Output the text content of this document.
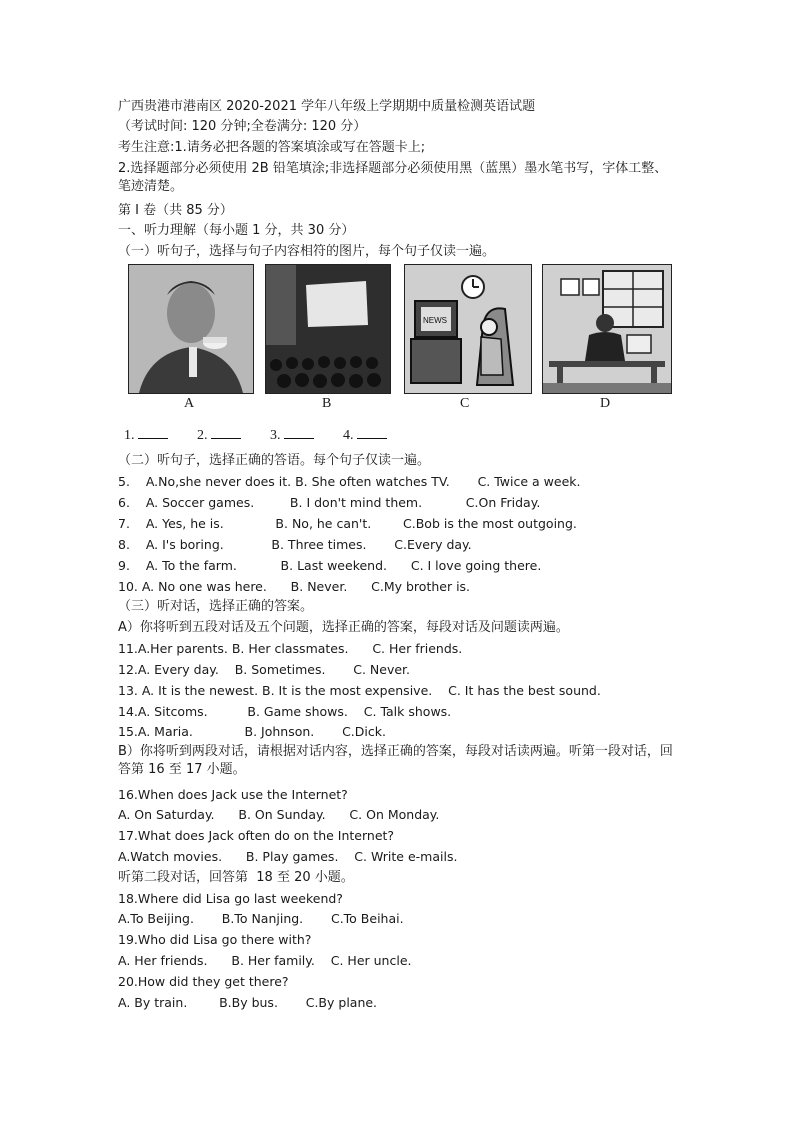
广西贵港市港南区 2020-2021 学年八年级上学期期中质量检测英语试题
（考试时间: 120 分钟;全卷满分: 120 分）
考生注意:1.请务必把各题的答案填涂或写在答题卡上;
2.选择题部分必须使用 2B 铅笔填涂;非选择题部分必须使用黑（蓝黑）墨水笔书写，字体工整、笔迹清楚。
第 I 卷（共 85 分）
一、听力理解（每小题 1 分，共 30 分）
（一）听句子，选择与句子内容相符的图片，每个句子仅读一遍。
A	B
NEWS
C	D
1.	2.	3.	4.
（二）听句子，选择正确的答语。每个句子仅读一遍。
5.    A.No,she never does it. B. She often watches TV.       C. Twice a week.
6.    A. Soccer games.         B. I don't mind them.           C.On Friday.
7.    A. Yes, he is.             B. No, he can't.        C.Bob is the most outgoing.
8.    A. I's boring.            B. Three times.       C.Every day.
9.    A. To the farm.           B. Last weekend.      C. I love going there.
10. A. No one was here.      B. Never.      C.My brother is.
（三）听对话，选择正确的答案。
A）你将听到五段对话及五个问题，选择正确的答案，每段对话及问题读两遍。
11.A.Her parents. B. Her classmates.      C. Her friends.
12.A. Every day.    B. Sometimes.       C. Never.
13. A. It is the newest. B. It is the most expensive.    C. It has the best sound.
14.A. Sitcoms.          B. Game shows.    C. Talk shows.
15.A. Maria.             B. Johnson.       C.Dick.
B）你将听到两段对话，请根据对话内容，选择正确的答案，每段对话读两遍。听第一段对话，回答第 16 至 17 小题。
16.When does Jack use the Internet?
A. On Saturday.      B. On Sunday.      C. On Monday.
17.What does Jack often do on the Internet?
A.Watch movies.      B. Play games.    C. Write e-mails.
听第二段对话，回答第  18 至 20 小题。
18.Where did Lisa go last weekend?
A.To Beijing.       B.To Nanjing.       C.To Beihai.
19.Who did Lisa go there with?
A. Her friends.      B. Her family.    C. Her uncle.
20.How did they get there?
A. By train.        B.By bus.       C.By plane.
